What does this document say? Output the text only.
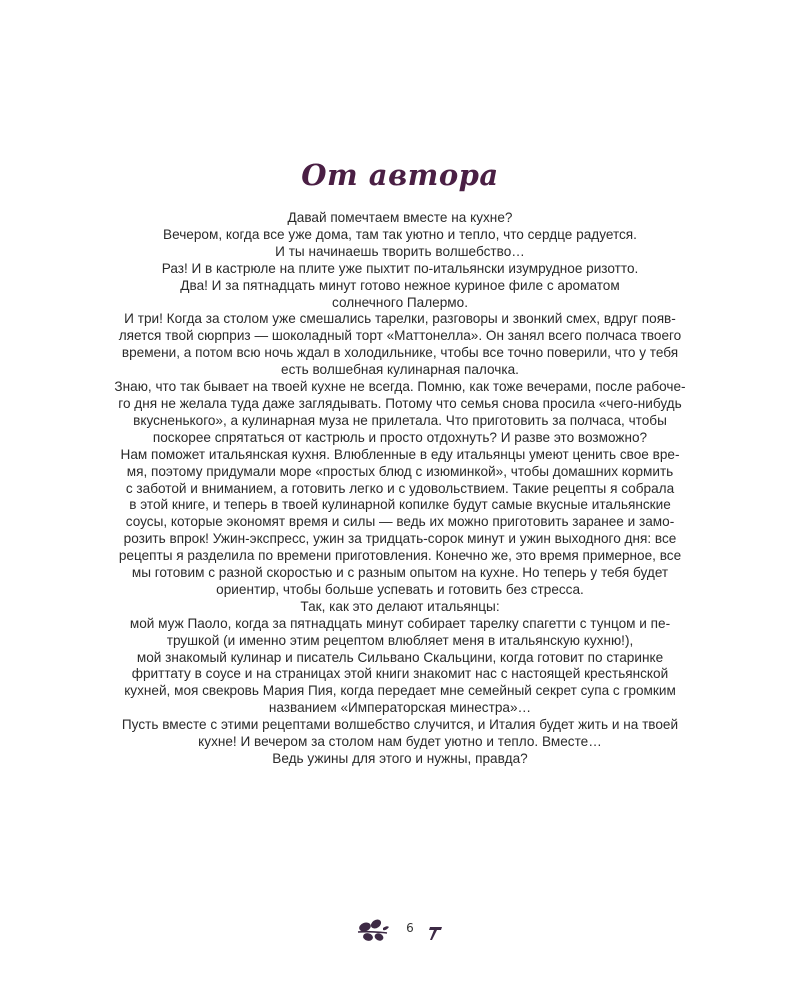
От автора
Давай помечтаем вместе на кухне?
Вечером, когда все уже дома, там так уютно и тепло, что сердце радуется.
И ты начинаешь творить волшебство…
Раз! И в кастрюле на плите уже пыхтит по-итальянски изумрудное ризотто.
Два! И за пятнадцать минут готово нежное куриное филе с ароматом
солнечного Палермо.
И три! Когда за столом уже смешались тарелки, разговоры и звонкий смех, вдруг появ-
ляется твой сюрприз — шоколадный торт «Маттонелла». Он занял всего полчаса твоего
времени, а потом всю ночь ждал в холодильнике, чтобы все точно поверили, что у тебя
есть волшебная кулинарная палочка.
Знаю, что так бывает на твоей кухне не всегда. Помню, как тоже вечерами, после рабоче-
го дня не желала туда даже заглядывать. Потому что семья снова просила «чего-нибудь
вкусненького», а кулинарная муза не прилетала. Что приготовить за полчаса, чтобы
поскорее спрятаться от кастрюль и просто отдохнуть? И разве это возможно?
Нам поможет итальянская кухня. Влюбленные в еду итальянцы умеют ценить свое вре-
мя, поэтому придумали море «простых блюд с изюминкой», чтобы домашних кормить
с заботой и вниманием, а готовить легко и с удовольствием. Такие рецепты я собрала
в этой книге, и теперь в твоей кулинарной копилке будут самые вкусные итальянские
соусы, которые экономят время и силы — ведь их можно приготовить заранее и замо-
розить впрок! Ужин-экспресс, ужин за тридцать-сорок минут и ужин выходного дня: все
рецепты я разделила по времени приготовления. Конечно же, это время примерное, все
мы готовим с разной скоростью и с разным опытом на кухне. Но теперь у тебя будет
ориентир, чтобы больше успевать и готовить без стресса.
Так, как это делают итальянцы:
мой муж Паоло, когда за пятнадцать минут собирает тарелку спагетти с тунцом и пе-
трушкой (и именно этим рецептом влюбляет меня в итальянскую кухню!),
мой знакомый кулинар и писатель Сильвано Скальцини, когда готовит по старинке
фриттату в соусе и на страницах этой книги знакомит нас с настоящей крестьянской
кухней, моя свекровь Мария Пия, когда передает мне семейный секрет супа с громким
названием «Императорская минестра»…
Пусть вместе с этими рецептами волшебство случится, и Италия будет жить и на твоей
кухне! И вечером за столом нам будет уютно и тепло. Вместе…
Ведь ужины для этого и нужны, правда?
6
